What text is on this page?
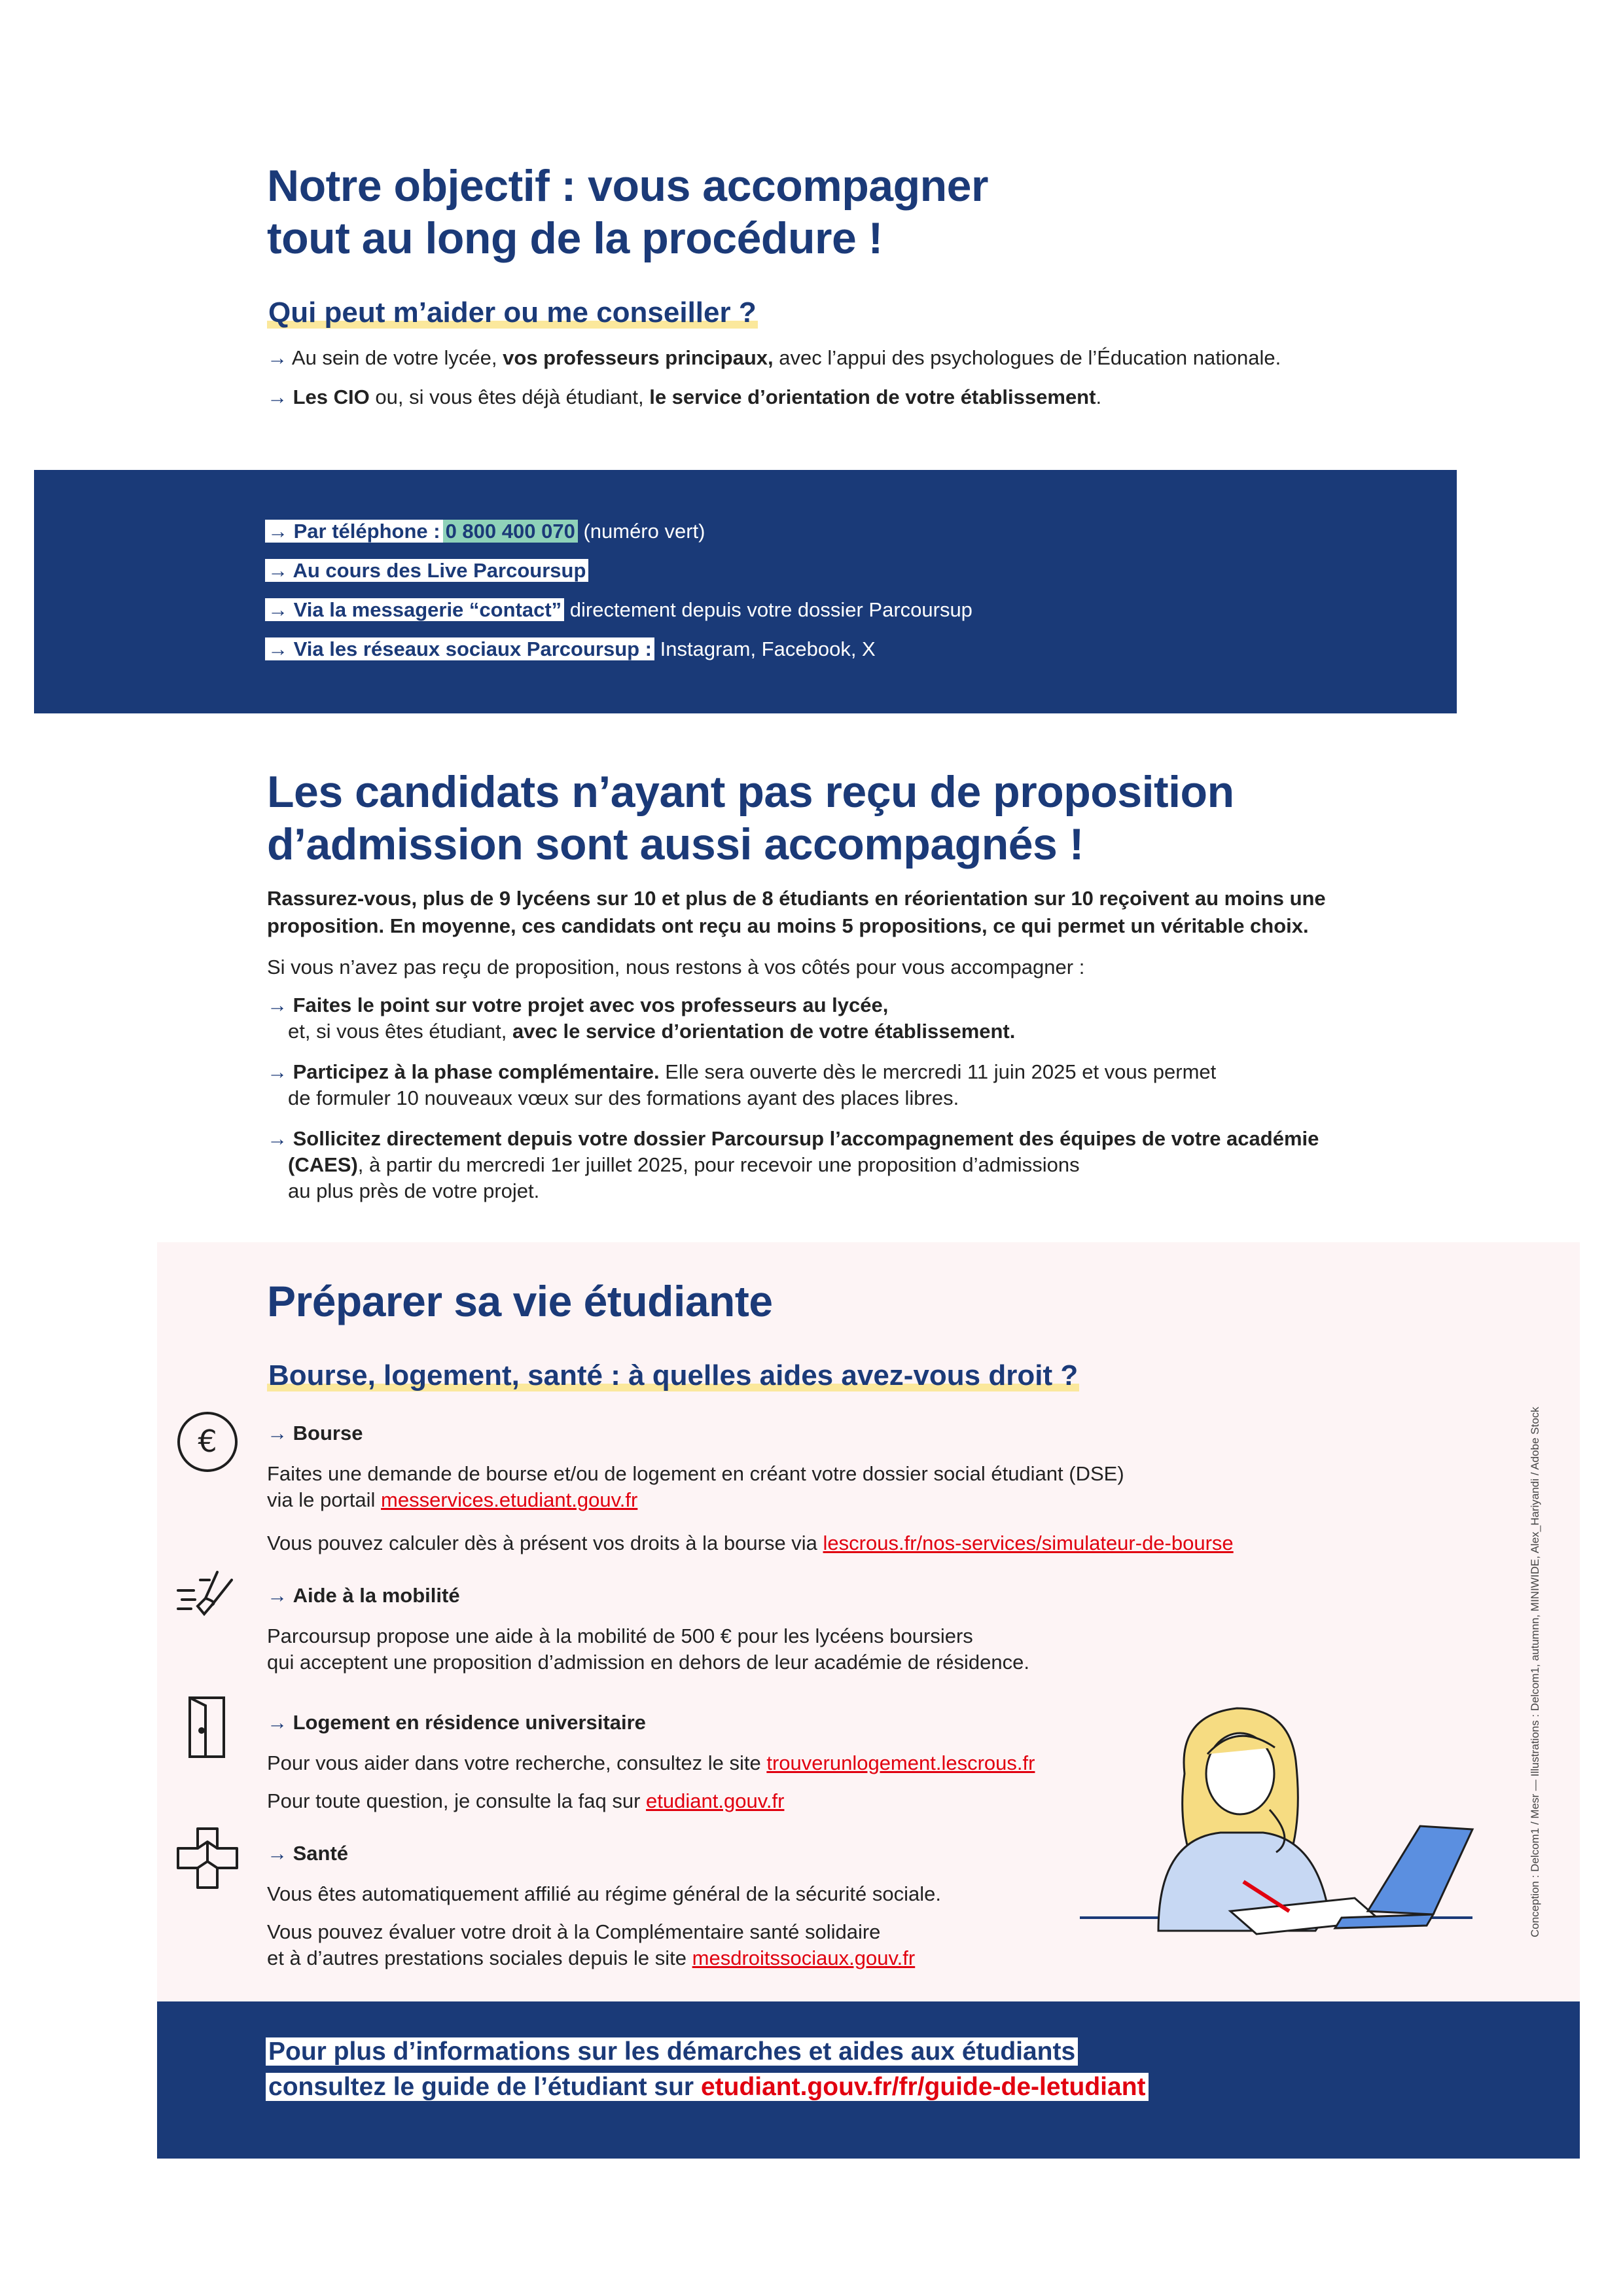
Notre objectif : vous accompagner
tout au long de la procédure !
Qui peut m’aider ou me conseiller ?
→ Au sein de votre lycée, vos professeurs principaux, avec l’appui des psychologues de l’Éducation nationale.
→ Les CIO ou, si vous êtes déjà étudiant, le service d’orientation de votre établissement.
→ Par téléphone : 0 800 400 070 (numéro vert)
→ Au cours des Live Parcoursup
→ Via la messagerie “contact” directement depuis votre dossier Parcoursup
→ Via les réseaux sociaux Parcoursup : Instagram, Facebook, X
Les candidats n’ayant pas reçu de proposition
d’admission sont aussi accompagnés !
Rassurez-vous, plus de 9 lycéens sur 10 et plus de 8 étudiants en réorientation sur 10 reçoivent au moins une
proposition. En moyenne, ces candidats ont reçu au moins 5 propositions, ce qui permet un véritable choix.
Si vous n’avez pas reçu de proposition, nous restons à vos côtés pour vous accompagner :
→ Faites le point sur votre projet avec vos professeurs au lycée,
et, si vous êtes étudiant, avec le service d’orientation de votre établissement.
→ Participez à la phase complémentaire. Elle sera ouverte dès le mercredi 11 juin 2025 et vous permet
de formuler 10 nouveaux vœux sur des formations ayant des places libres.
→ Sollicitez directement depuis votre dossier Parcoursup l’accompagnement des équipes de votre académie
(CAES), à partir du mercredi 1er juillet 2025, pour recevoir une proposition d’admissions
au plus près de votre projet.
Préparer sa vie étudiante
Bourse, logement, santé : à quelles aides avez-vous droit ?
€ → Bourse
Faites une demande de bourse et/ou de logement en créant votre dossier social étudiant (DSE)
via le portail messervices.etudiant.gouv.fr
Vous pouvez calculer dès à présent vos droits à la bourse via lescrous.fr/nos-services/simulateur-de-bourse
→ Aide à la mobilité
Parcoursup propose une aide à la mobilité de 500 € pour les lycéens boursiers
qui acceptent une proposition d’admission en dehors de leur académie de résidence.
→ Logement en résidence universitaire
Pour vous aider dans votre recherche, consultez le site trouverunlogement.lescrous.fr
Pour toute question, je consulte la faq sur etudiant.gouv.fr
→ Santé
Vous êtes automatiquement affilié au régime général de la sécurité sociale.
Vous pouvez évaluer votre droit à la Complémentaire santé solidaire
et à d’autres prestations sociales depuis le site mesdroitssociaux.gouv.fr
Conception : Delcom1 / Mesr — Illustrations : Delcom1, autumnn, MINIWIDE, Alex_Hariyandi / Adobe Stock
Pour plus d’informations sur les démarches et aides aux étudiants
consultez le guide de l’étudiant sur etudiant.gouv.fr/fr/guide-de-letudiant
